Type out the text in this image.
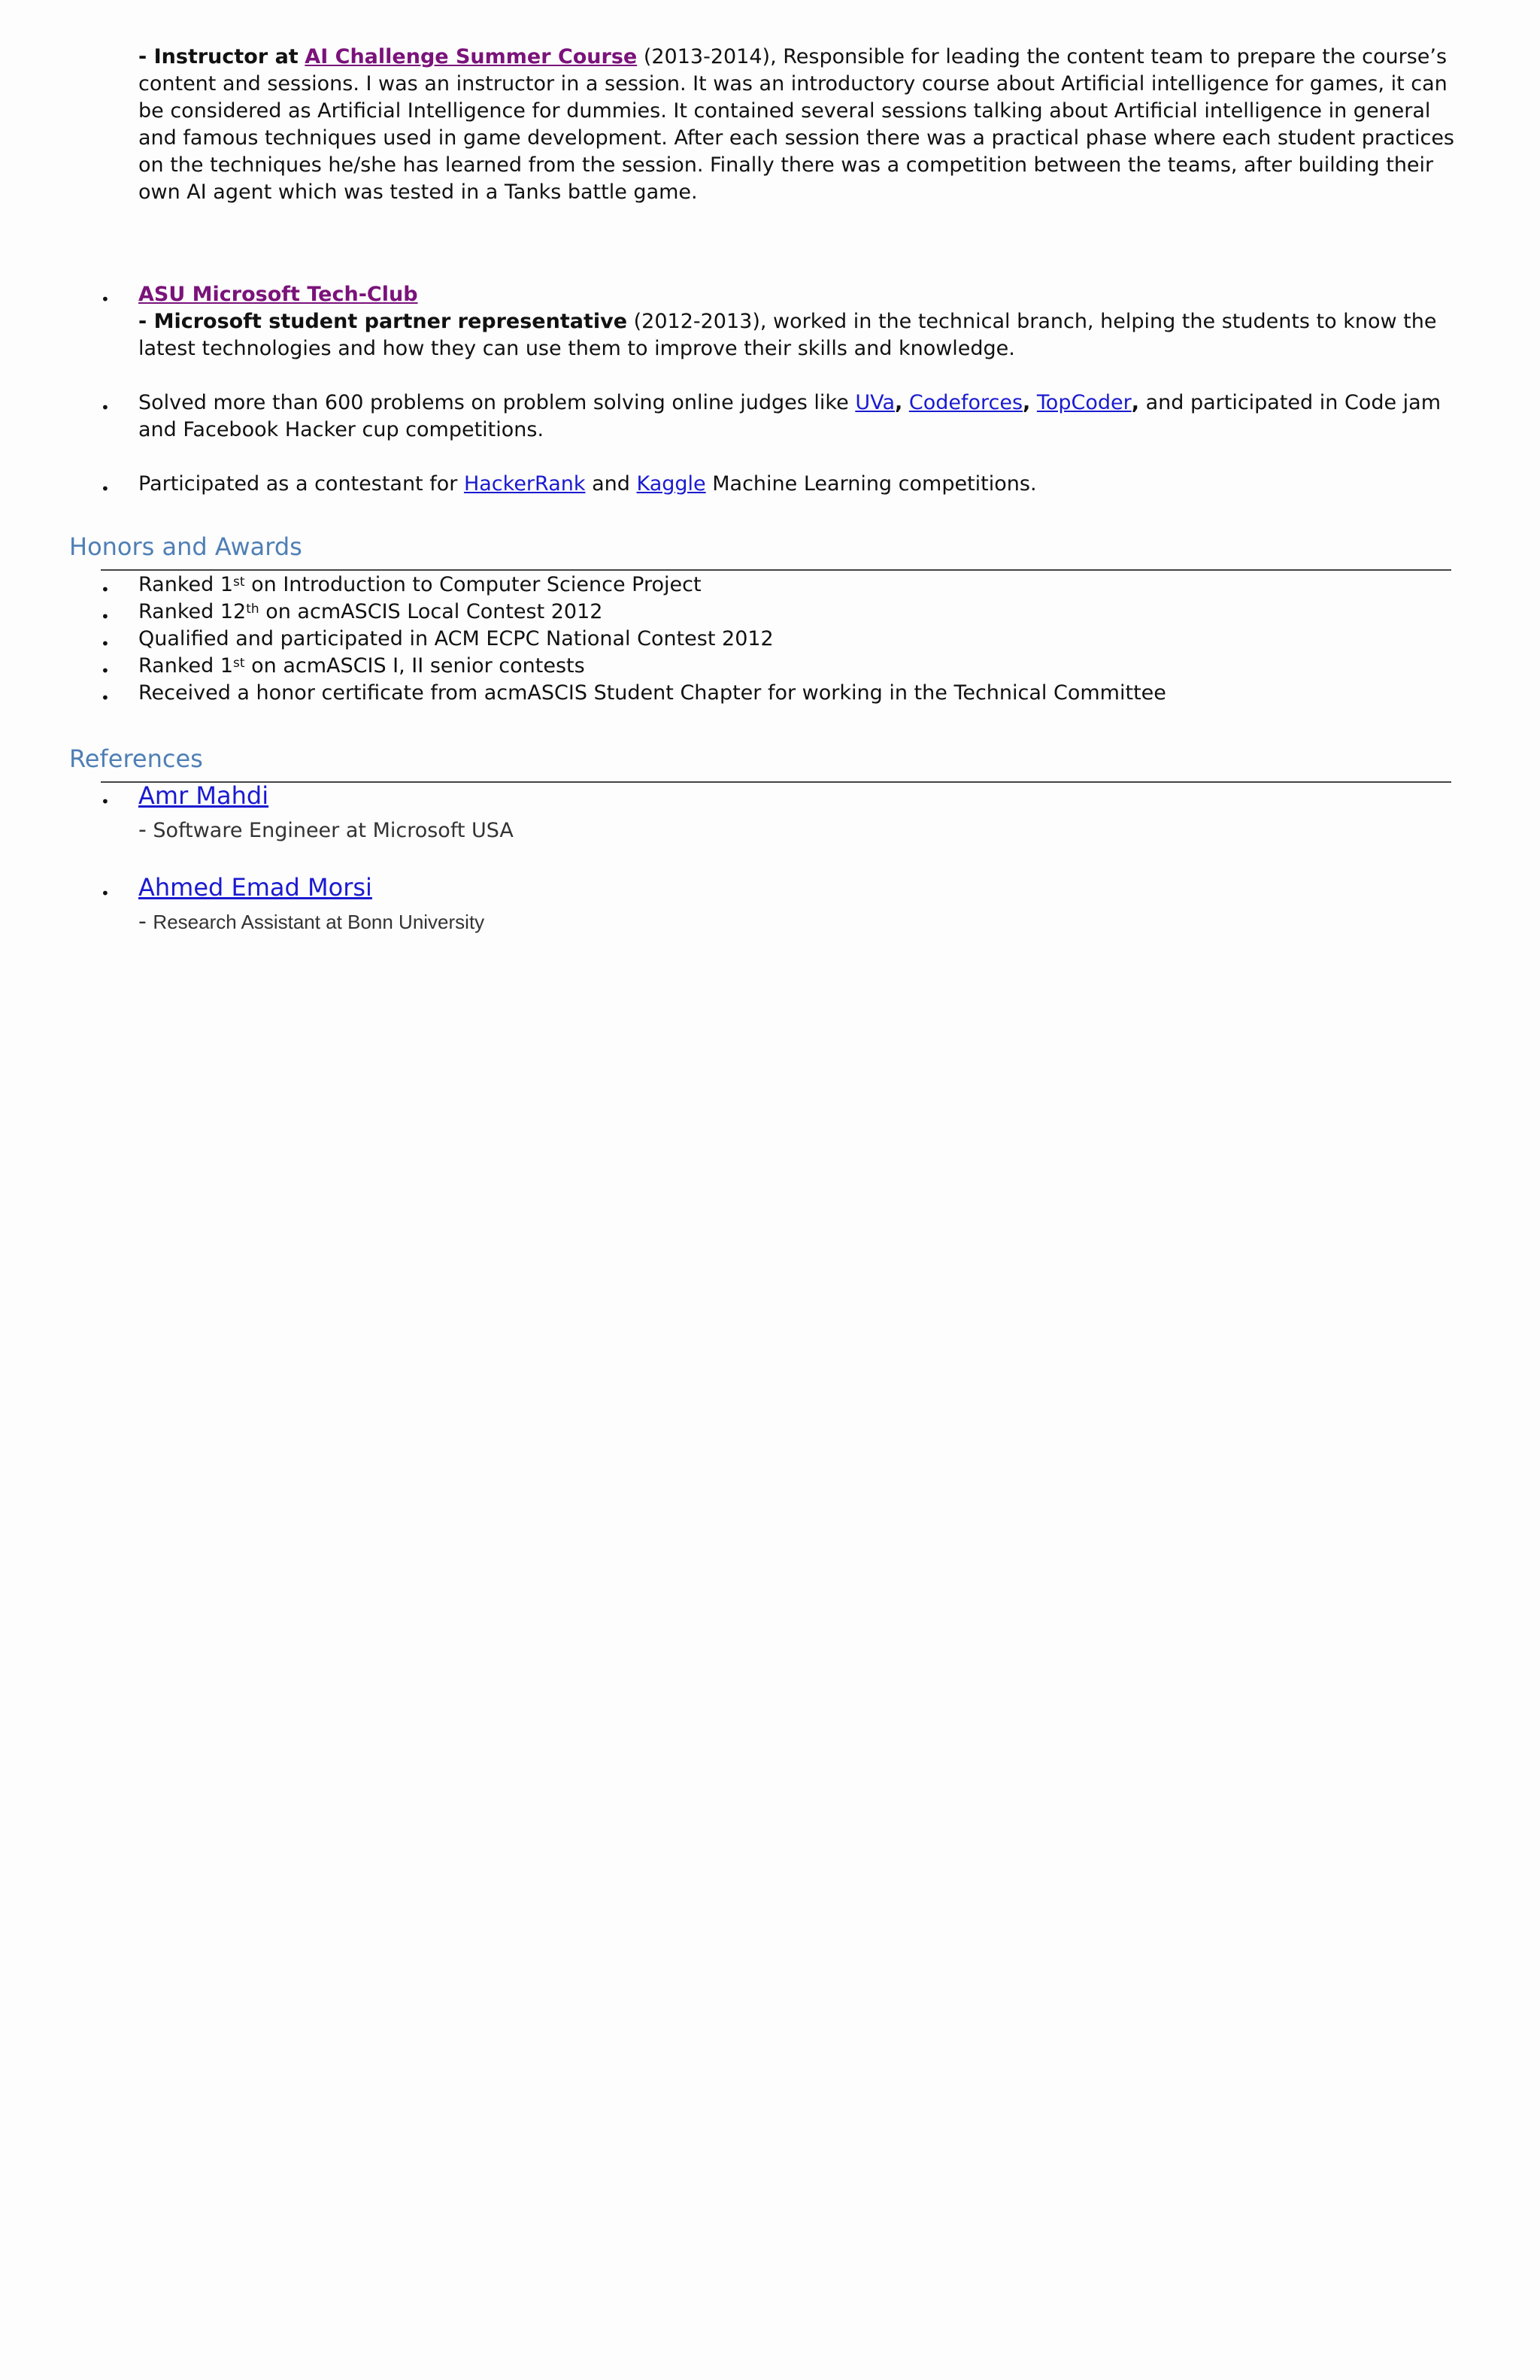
- Instructor at AI Challenge Summer Course (2013-2014), Responsible for leading the content team to prepare the course’s content and sessions. I was an instructor in a session. It was an introductory course about Artificial intelligence for games, it can be considered as Artificial Intelligence for dummies. It contained several sessions talking about Artificial intelligence in general and famous techniques used in game development. After each session there was a practical phase where each student practices on the techniques he/she has learned from the session. Finally there was a competition between the teams, after building their own AI agent which was tested in a Tanks battle game.
• ASU Microsoft Tech-Club
- Microsoft student partner representative (2012-2013), worked in the technical branch, helping the students to know the latest technologies and how they can use them to improve their skills and knowledge.
• Solved more than 600 problems on problem solving online judges like UVa, Codeforces, TopCoder, and participated in Code jam and Facebook Hacker cup competitions.
• Participated as a contestant for HackerRank and Kaggle Machine Learning competitions.
Honors and Awards
• Ranked 1st on Introduction to Computer Science Project
• Ranked 12th on acmASCIS Local Contest 2012
• Qualified and participated in ACM ECPC National Contest 2012
• Ranked 1st on acmASCIS I, II senior contests
• Received a honor certificate from acmASCIS Student Chapter for working in the Technical Committee
References
• Amr Mahdi
- Software Engineer at Microsoft USA
• Ahmed Emad Morsi
- Research Assistant at Bonn University
